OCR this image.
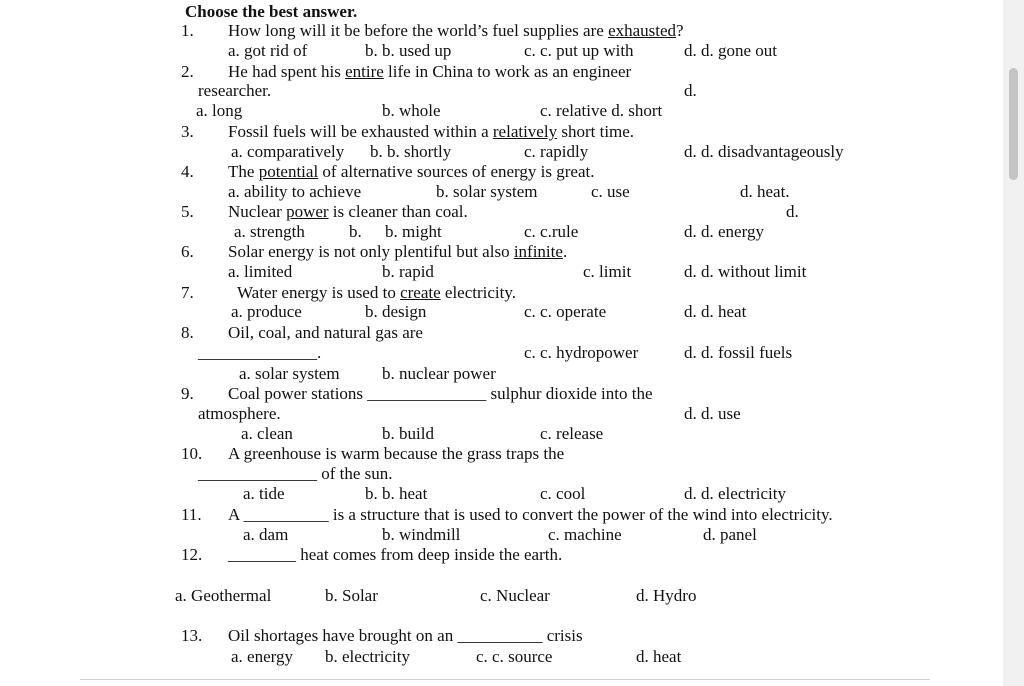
Choose the best answer.
1. How long will it be before the world’s fuel supplies are exhausted?
a. got rid of	b. b. used up	c. c. put up with	d. d. gone out
2. He had spent his entire life in China to work as an engineer
researcher.	d.
a. long	b. whole	c. relative d. short
3. Fossil fuels will be exhausted within a relatively short time.
a. comparatively b. b. shortly	c. rapidly	d. d. disadvantageously
4. The potential of alternative sources of energy is great.
a. ability to achieve	b. solar system	c. use	d. heat.
5. Nuclear power is cleaner than coal.	d.
a. strength	b. b. might	c. c.rule	d. d. energy
6. Solar energy is not only plentiful but also infinite.
a. limited	b. rapid	c. limit	d. d. without limit
7.	Water energy is used to create electricity.
a. produce	b. design	c. c. operate	d. d. heat
8. Oil, coal, and natural gas are
______________.	c. c. hydropower	d. d. fossil fuels
a. solar system b. nuclear power
9. Coal power stations ______________ sulphur dioxide into the
atmosphere.	d. d. use
a. clean	b. build	c. release
10. A greenhouse is warm because the grass traps the
______________ of the sun.
a. tide	b. b. heat	c. cool	d. d. electricity
11. A __________ is a structure that is used to convert the power of the wind into electricity.
a. dam	b. windmill	c. machine	d. panel
12. ________ heat comes from deep inside the earth.
a. Geothermal	b. Solar	c. Nuclear	d. Hydro
13. Oil shortages have brought on an __________ crisis
a. energy b. electricity	c. c. source	d. heat
